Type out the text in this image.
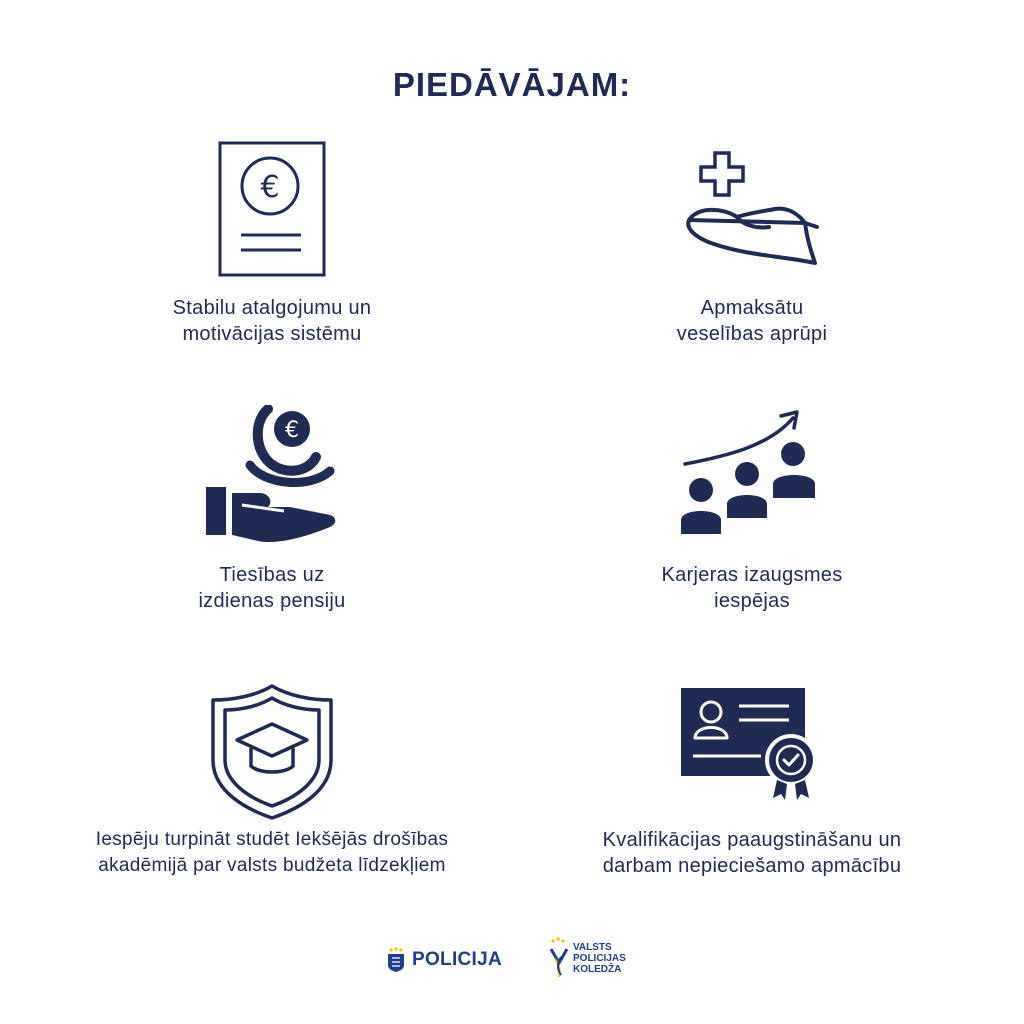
PIEDĀVĀJAM:
€
Stabilu atalgojumu un
motivācijas sistēmu
Apmaksātu
veselības aprūpi
€
Tiesības uz
izdienas pensiju
Karjeras izaugsmes
iespējas
Iespēju turpināt studēt Iekšējās drošības
akadēmijā par valsts budžeta līdzekļiem
Kvalifikācijas paaugstināšanu un
darbam nepieciešamo apmācību
POLICIJA
VALSTS
POLICIJAS
KOLEDŽA
